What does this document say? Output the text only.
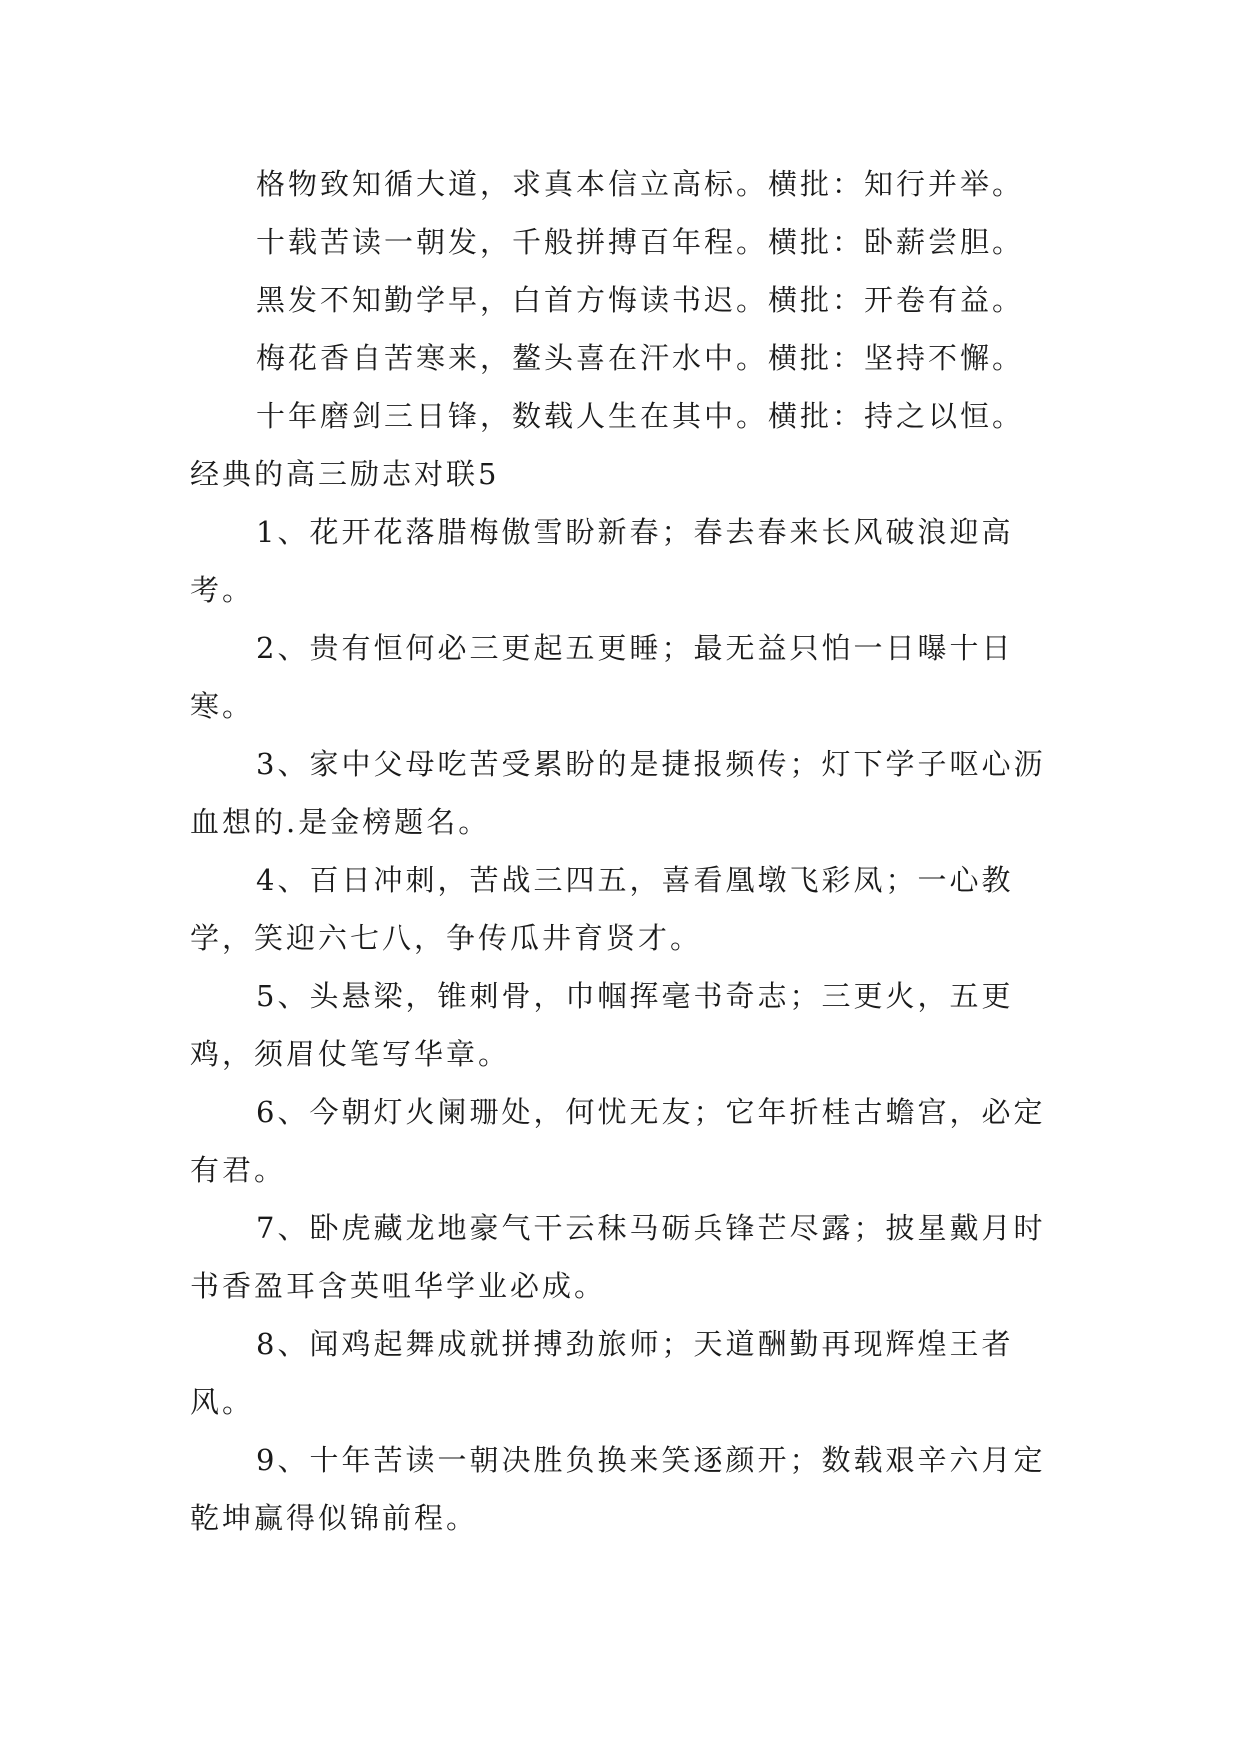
格物致知循大道，求真本信立高标。横批：知行并举。

十载苦读一朝发，千般拼搏百年程。横批：卧薪尝胆。

黑发不知勤学早，白首方悔读书迟。横批：开卷有益。

梅花香自苦寒来，鳌头喜在汗水中。横批：坚持不懈。

十年磨剑三日锋，数载人生在其中。横批：持之以恒。

经典的高三励志对联5

1、花开花落腊梅傲雪盼新春；春去春来长风破浪迎高考。

2、贵有恒何必三更起五更睡；最无益只怕一日曝十日寒。

3、家中父母吃苦受累盼的是捷报频传；灯下学子呕心沥血想的.是金榜题名。

4、百日冲刺，苦战三四五，喜看凰墩飞彩凤；一心教学，笑迎六七八，争传瓜井育贤才。

5、头悬梁，锥刺骨，巾帼挥毫书奇志；三更火，五更鸡，须眉仗笔写华章。

6、今朝灯火阑珊处，何忧无友；它年折桂古蟾宫，必定有君。

7、卧虎藏龙地豪气干云秣马砺兵锋芒尽露；披星戴月时书香盈耳含英咀华学业必成。

8、闻鸡起舞成就拼搏劲旅师；天道酬勤再现辉煌王者风。

9、十年苦读一朝决胜负换来笑逐颜开；数载艰辛六月定乾坤赢得似锦前程。
